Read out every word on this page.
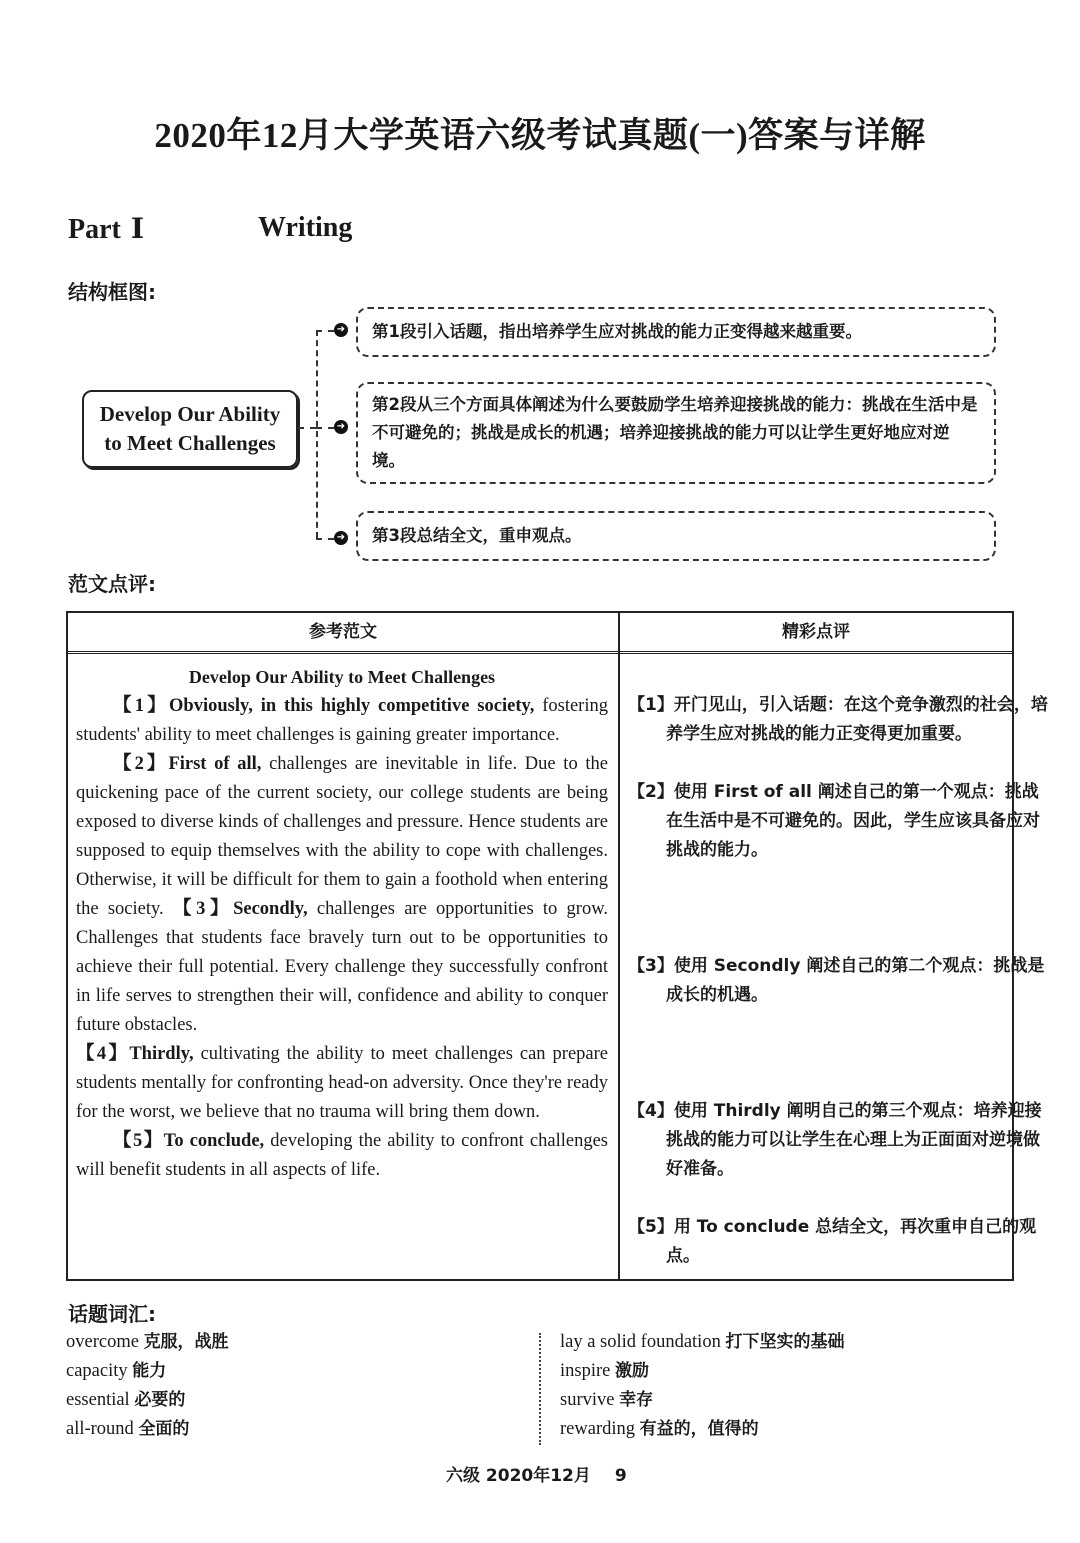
2020年12月大学英语六级考试真题(一)答案与详解
Part Ⅰ	Writing
结构框图:
Develop Our Ability
to Meet Challenges
➜
➜
➜
第1段引入话题，指出培养学生应对挑战的能力正变得越来越重要。
第2段从三个方面具体阐述为什么要鼓励学生培养迎接挑战的能力：挑战在生活中是不可避免的；挑战是成长的机遇；培养迎接挑战的能力可以让学生更好地应对逆境。
第3段总结全文，重申观点。
范文点评:
参考范文	精彩点评
Develop Our Ability to Meet Challenges

【1】Obviously, in this highly competitive society, fostering students' ability to meet challenges is gaining greater importance.

【2】First of all, challenges are inevitable in life. Due to the quickening pace of the current society, our college students are being exposed to diverse kinds of challenges and pressure. Hence students are supposed to equip themselves with the ability to cope with challenges. Otherwise, it will be difficult for them to gain a foothold when entering the society. 【3】Secondly, challenges are opportunities to grow. Challenges that students face bravely turn out to be opportunities to achieve their full potential. Every challenge they successfully confront in life serves to strengthen their will, confidence and ability to conquer future obstacles.

【4】Thirdly, cultivating the ability to meet challenges can prepare students mentally for confronting head-on adversity. Once they're ready for the worst, we believe that no trauma will bring them down.

【5】To conclude, developing the ability to confront challenges will benefit students in all aspects of life.

【1】开门见山，引入话题：在这个竞争激烈的社会，培养学生应对挑战的能力正变得更加重要。
【2】使用 First of all 阐述自己的第一个观点：挑战在生活中是不可避免的。因此，学生应该具备应对挑战的能力。
【3】使用 Secondly 阐述自己的第二个观点：挑战是成长的机遇。
【4】使用 Thirdly 阐明自己的第三个观点：培养迎接挑战的能力可以让学生在心理上为正面面对逆境做好准备。
【5】用 To conclude 总结全文，再次重申自己的观点。
话题词汇:
overcome 克服，战胜
capacity 能力
essential 必要的
all-round 全面的
lay a solid foundation 打下坚实的基础
inspire 激励
survive 幸存
rewarding 有益的，值得的
六级 2020年12月 9
